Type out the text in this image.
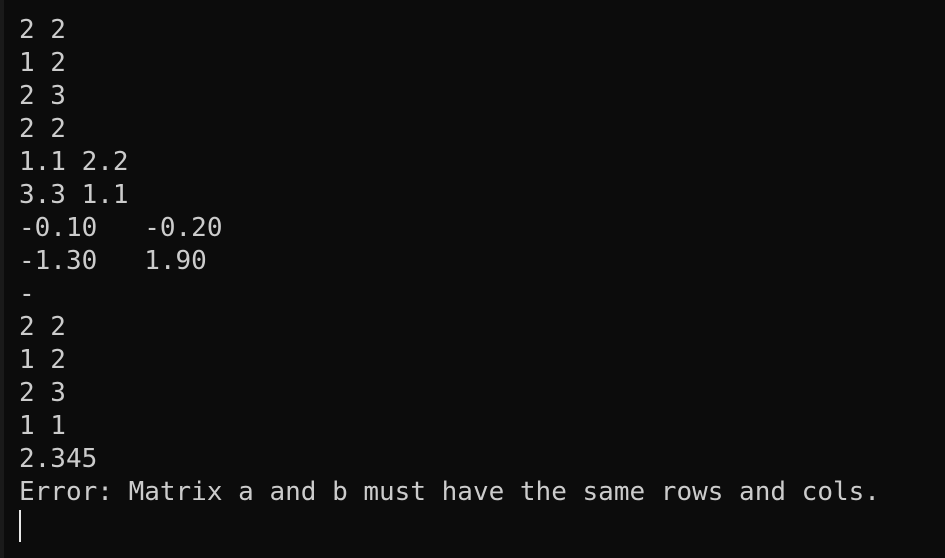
2 2
1 2
2 3
2 2
1.1 2.2
3.3 1.1
-0.10   -0.20
-1.30   1.90
-
2 2
1 2
2 3
1 1
2.345
Error: Matrix a and b must have the same rows and cols.
